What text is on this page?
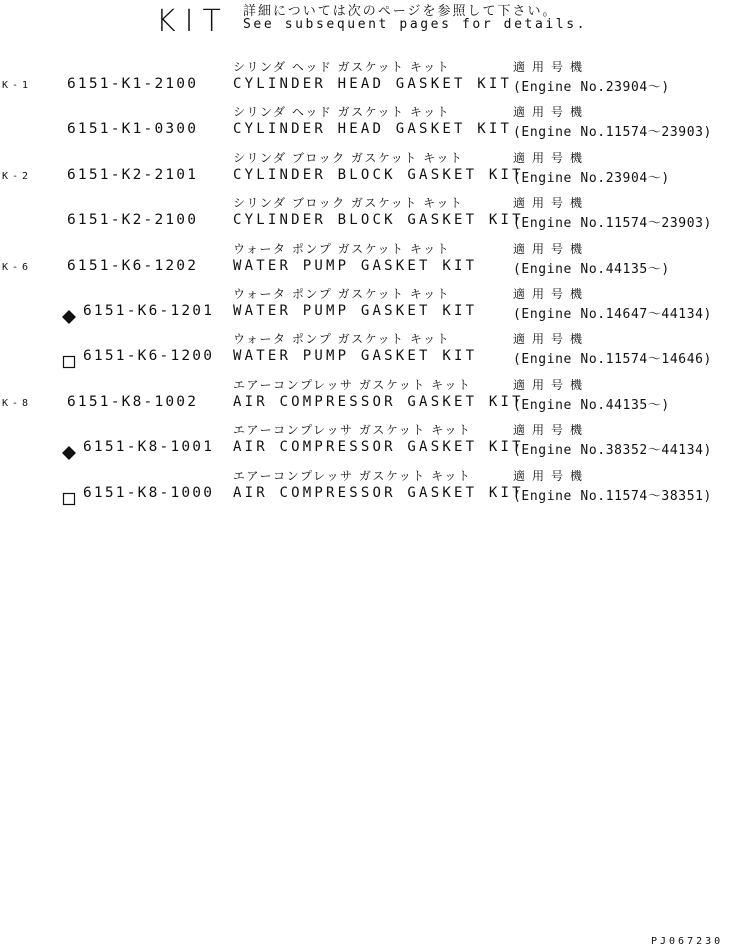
KIT 詳細については次のページを参照して下さい。
See subsequent pages for details.
K-1 6151-K1-2100
シリンダ ヘッド ガスケット キット
CYLINDER HEAD GASKET KIT
適用号機
(Engine No.23904〜)
6151-K1-0300
シリンダ ヘッド ガスケット キット
CYLINDER HEAD GASKET KIT
適用号機
(Engine No.11574〜23903)
K-2 6151-K2-2101
シリンダ ブロック ガスケット キット
CYLINDER BLOCK GASKET KIT
適用号機
(Engine No.23904〜)
6151-K2-2100
シリンダ ブロック ガスケット キット
CYLINDER BLOCK GASKET KIT
適用号機
(Engine No.11574〜23903)
K-6 6151-K6-1202
ウォータ ポンプ ガスケット キット
WATER PUMP GASKET KIT
適用号機
(Engine No.44135〜)
6151-K6-1201
ウォータ ポンプ ガスケット キット
WATER PUMP GASKET KIT
適用号機
(Engine No.14647〜44134)
6151-K6-1200
ウォータ ポンプ ガスケット キット
WATER PUMP GASKET KIT
適用号機
(Engine No.11574〜14646)
K-8 6151-K8-1002
エアーコンプレッサ ガスケット キット
AIR COMPRESSOR GASKET KIT
適用号機
(Engine No.44135〜)
6151-K8-1001
エアーコンプレッサ ガスケット キット
AIR COMPRESSOR GASKET KIT
適用号機
(Engine No.38352〜44134)
6151-K8-1000
エアーコンプレッサ ガスケット キット
AIR COMPRESSOR GASKET KIT
適用号機
(Engine No.11574〜38351)
PJ067230
